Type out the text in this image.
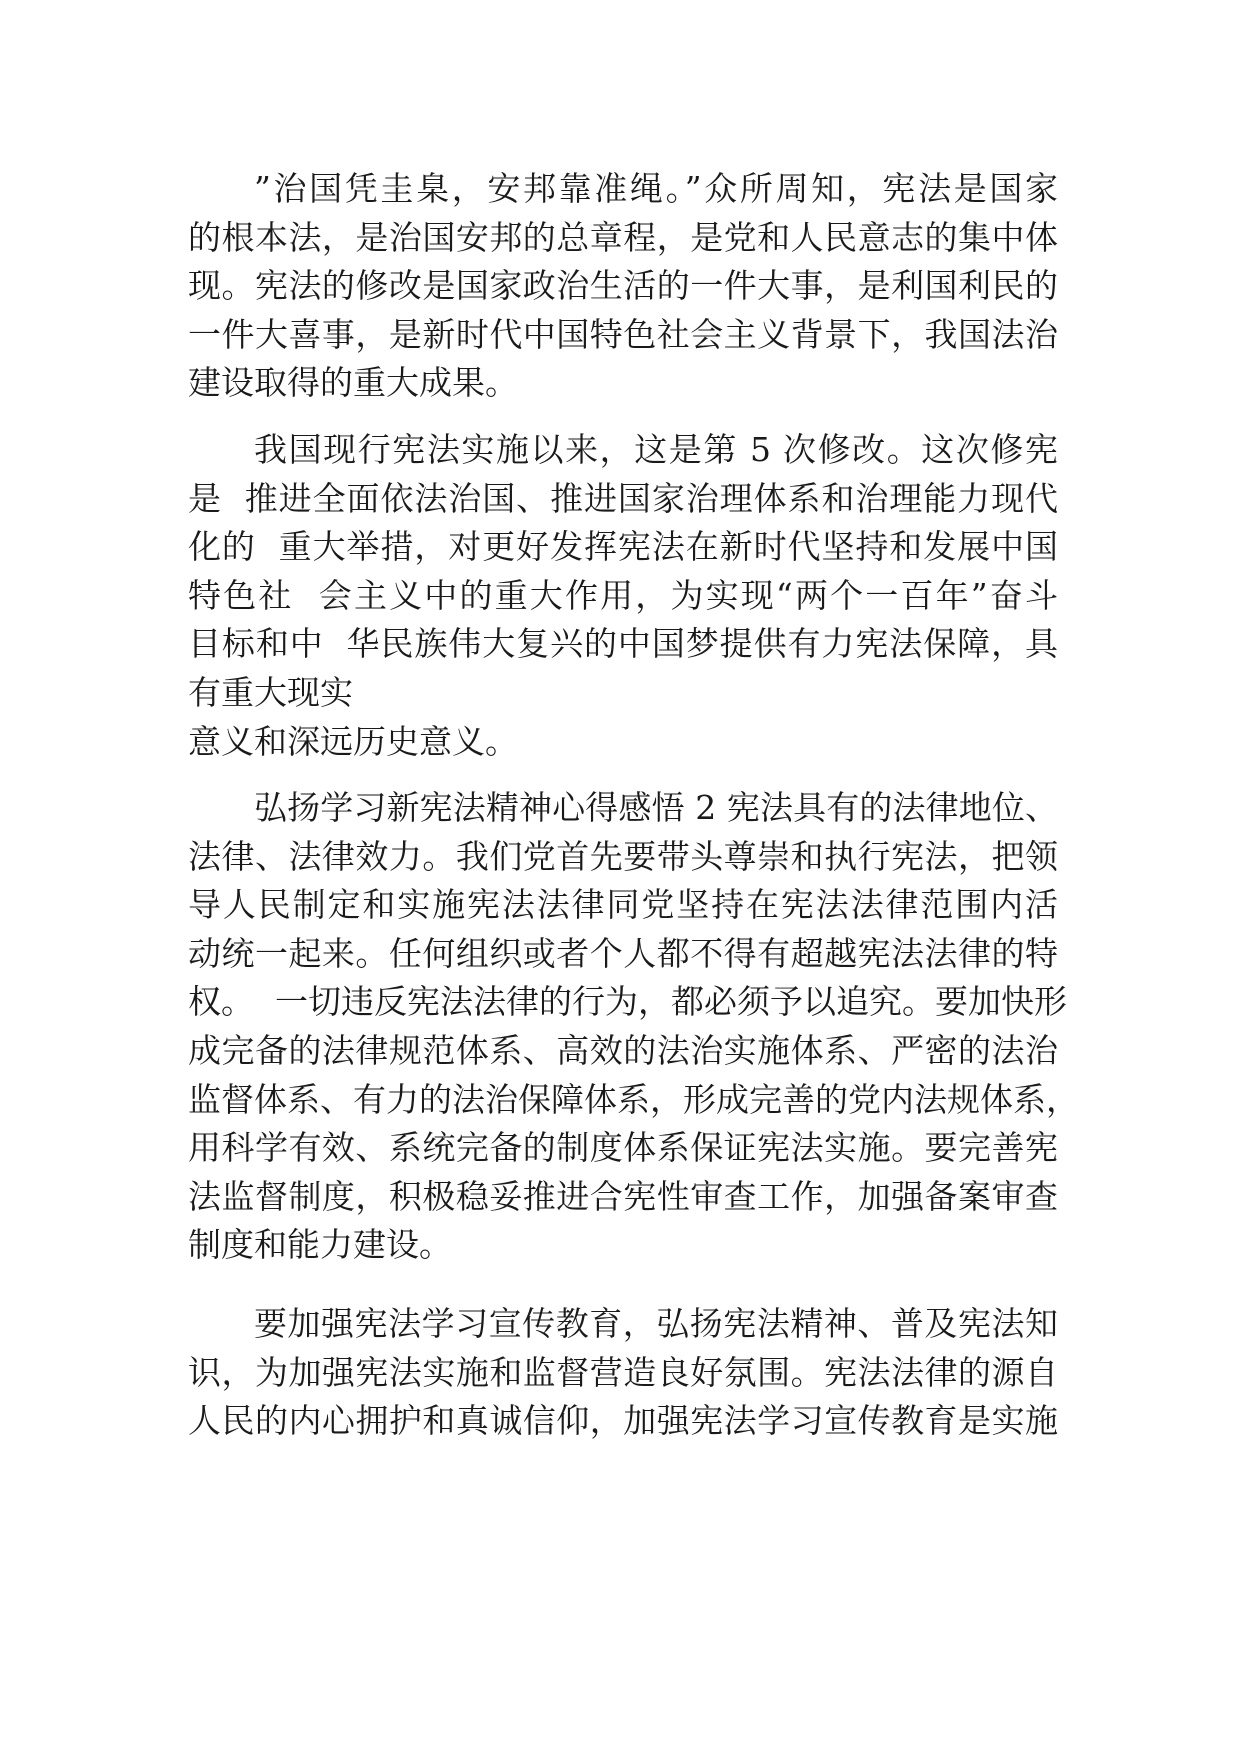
”治国凭圭臬，安邦靠准绳。”众所周知，宪法是国家
的根本法，是治国安邦的总章程，是党和人民意志的集中体
现。宪法的修改是国家政治生活的一件大事，是利国利民的
一件大喜事，是新时代中国特色社会主义背景下，我国法治
建设取得的重大成果。
我国现行宪法实施以来，这是第 5 次修改。这次修宪
是  推进全面依法治国、推进国家治理体系和治理能力现代
化的  重大举措，对更好发挥宪法在新时代坚持和发展中国
特色社  会主义中的重大作用，为实现“两个一百年”奋斗
目标和中  华民族伟大复兴的中国梦提供有力宪法保障，具
有重大现实
意义和深远历史意义。
弘扬学习新宪法精神心得感悟 2 宪法具有的法律地位、
法律、法律效力。我们党首先要带头尊崇和执行宪法，把领
导人民制定和实施宪法法律同党坚持在宪法法律范围内活
动统一起来。任何组织或者个人都不得有超越宪法法律的特
权。  一切违反宪法法律的行为，都必须予以追究。要加快形
成完备的法律规范体系、高效的法治实施体系、严密的法治
监督体系、有力的法治保障体系，形成完善的党内法规体系，
用科学有效、系统完备的制度体系保证宪法实施。要完善宪
法监督制度，积极稳妥推进合宪性审查工作，加强备案审查
制度和能力建设。
要加强宪法学习宣传教育，弘扬宪法精神、普及宪法知
识，为加强宪法实施和监督营造良好氛围。宪法法律的源自
人民的内心拥护和真诚信仰，加强宪法学习宣传教育是实施
